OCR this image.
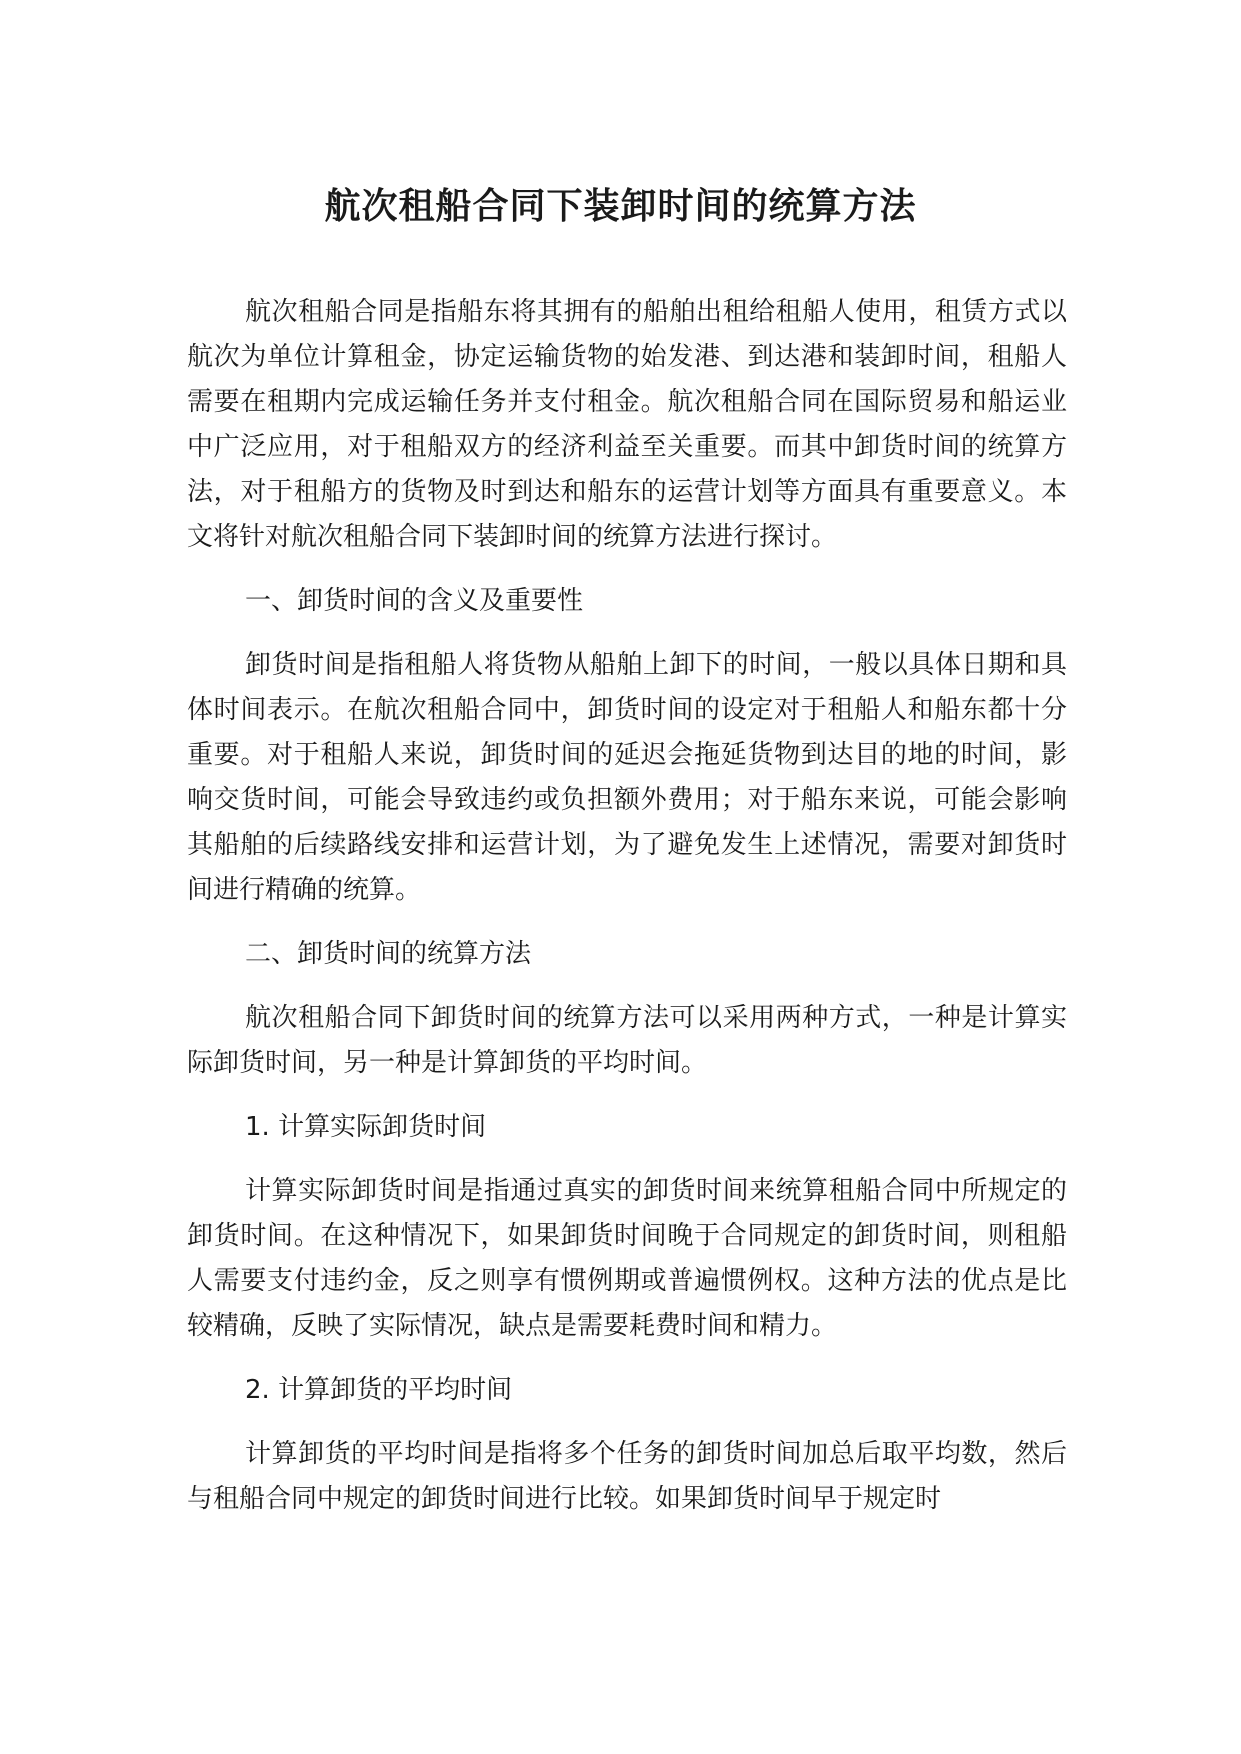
航次租船合同下装卸时间的统算方法

航次租船合同是指船东将其拥有的船舶出租给租船人使用，租赁方式以航次为单位计算租金，协定运输货物的始发港、到达港和装卸时间，租船人需要在租期内完成运输任务并支付租金。航次租船合同在国际贸易和船运业中广泛应用，对于租船双方的经济利益至关重要。而其中卸货时间的统算方法，对于租船方的货物及时到达和船东的运营计划等方面具有重要意义。本文将针对航次租船合同下装卸时间的统算方法进行探讨。

一、卸货时间的含义及重要性

卸货时间是指租船人将货物从船舶上卸下的时间，一般以具体日期和具体时间表示。在航次租船合同中，卸货时间的设定对于租船人和船东都十分重要。对于租船人来说，卸货时间的延迟会拖延货物到达目的地的时间，影响交货时间，可能会导致违约或负担额外费用；对于船东来说，可能会影响其船舶的后续路线安排和运营计划，为了避免发生上述情况，需要对卸货时间进行精确的统算。

二、卸货时间的统算方法

航次租船合同下卸货时间的统算方法可以采用两种方式，一种是计算实际卸货时间，另一种是计算卸货的平均时间。

1. 计算实际卸货时间

计算实际卸货时间是指通过真实的卸货时间来统算租船合同中所规定的卸货时间。在这种情况下，如果卸货时间晚于合同规定的卸货时间，则租船人需要支付违约金，反之则享有惯例期或普遍惯例权。这种方法的优点是比较精确，反映了实际情况，缺点是需要耗费时间和精力。

2. 计算卸货的平均时间

计算卸货的平均时间是指将多个任务的卸货时间加总后取平均数，然后与租船合同中规定的卸货时间进行比较。如果卸货时间早于规定时
